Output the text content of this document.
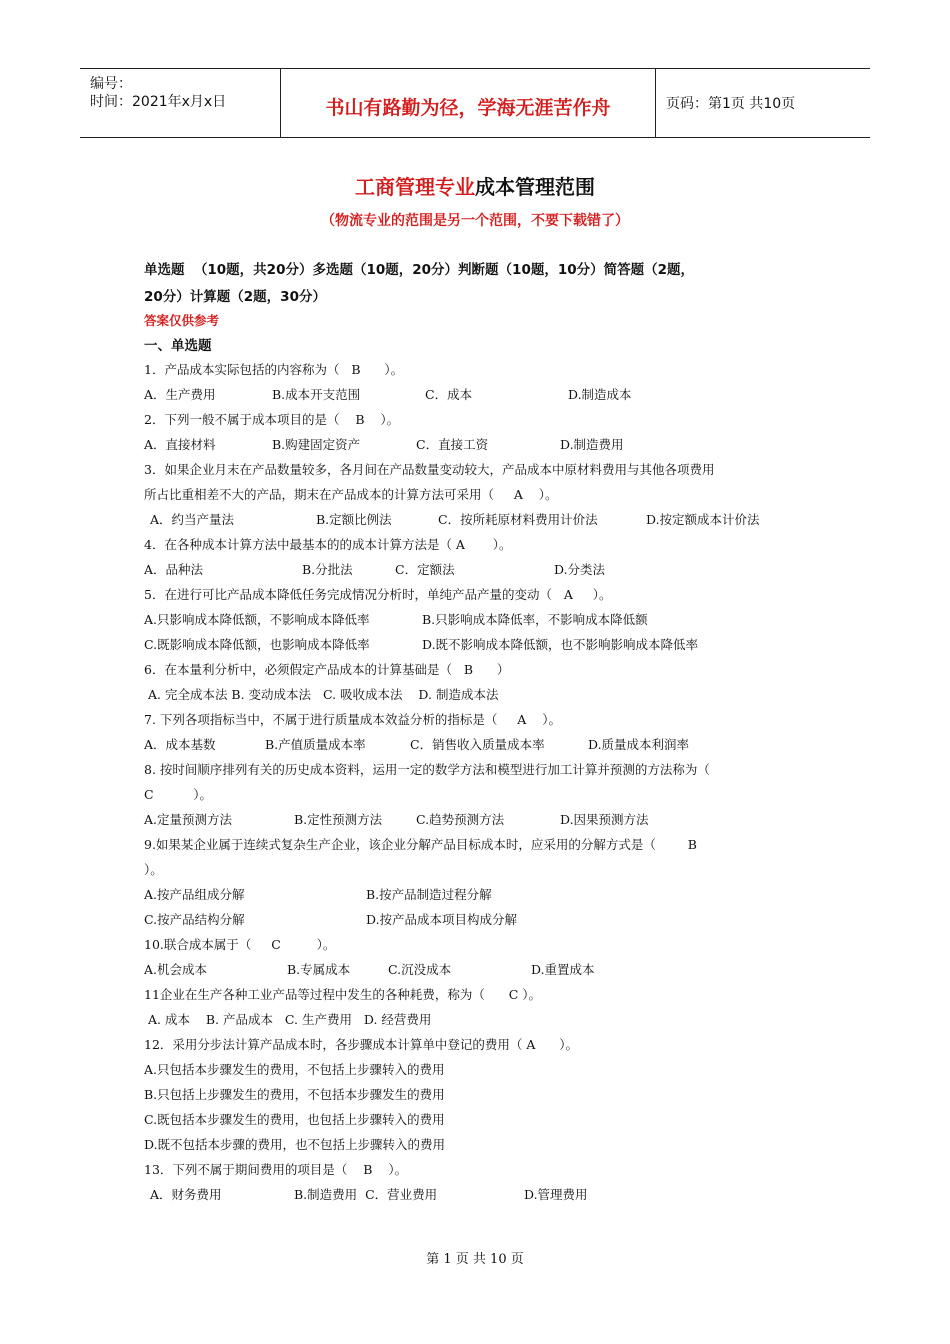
编号：
时间：2021年x月x日	书山有路勤为径，学海无涯苦作舟	页码：第1页 共10页
工商管理专业成本管理范围
（物流专业的范围是另一个范围，不要下载错了）
单选题  （10题，共20分）多选题（10题，20分）判断题（10题，10分）简答题（2题，
20分）计算题（2题，30分）
答案仅供参考
一、单选题
1．产品成本实际包括的内容称为（   B      ）。
A．生产费用	B.成本开支范围	C．成本	D.制造成本
2．下列一般不属于成本项目的是（    B    ）。
A．直接材料	B.购建固定资产	C．直接工资	D.制造费用
3．如果企业月末在产品数量较多，各月间在产品数量变动较大，产品成本中原材料费用与其他各项费用
所占比重相差不大的产品，期末在产品成本的计算方法可采用（     A    ）。
A．约当产量法	B.定额比例法	C．按所耗原材料费用计价法	D.按定额成本计价法
4．在各种成本计算方法中最基本的的成本计算方法是（ A       ）。
A．品种法	B.分批法	C．定额法	D.分类法
5．在进行可比产品成本降低任务完成情况分析时，单纯产品产量的变动（   A     ）。
A.只影响成本降低额，不影响成本降低率	B.只影响成本降低率，不影响成本降低额
C.既影响成本降低额，也影响成本降低率	D.既不影响成本降低额，也不影响影响成本降低率
6．在本量利分析中，必须假定产品成本的计算基础是（   B      ）
A. 完全成本法 B. 变动成本法   C. 吸收成本法    D. 制造成本法
7. 下列各项指标当中，不属于进行质量成本效益分析的指标是（     A    ）。
A．成本基数	B.产值质量成本率	C．销售收入质量成本率	D.质量成本利润率
8. 按时间顺序排列有关的历史成本资料，运用一定的数学方法和模型进行加工计算并预测的方法称为（
C          ）。
A.定量预测方法	B.定性预测方法	C.趋势预测方法	D.因果预测方法
9.如果某企业属于连续式复杂生产企业，该企业分解产品目标成本时，应采用的分解方式是（        B
）。
A.按产品组成分解	B.按产品制造过程分解
C.按产品结构分解	D.按产品成本项目构成分解
10.联合成本属于（     C         ）。
A.机会成本	B.专属成本	C.沉没成本	D.重置成本
11企业在生产各种工业产品等过程中发生的各种耗费，称为（      C ）。
A. 成本    B. 产品成本   C. 生产费用   D. 经营费用
12．采用分步法计算产品成本时，各步骤成本计算单中登记的费用（ A      ）。
A.只包括本步骤发生的费用，不包括上步骤转入的费用
B.只包括上步骤发生的费用，不包括本步骤发生的费用
C.既包括本步骤发生的费用，也包括上步骤转入的费用
D.既不包括本步骤的费用，也不包括上步骤转入的费用
13．下列不属于期间费用的项目是（    B    ）。
A．财务费用	B.制造费用  C．营业费用	D.管理费用
第 1 页 共 10 页
